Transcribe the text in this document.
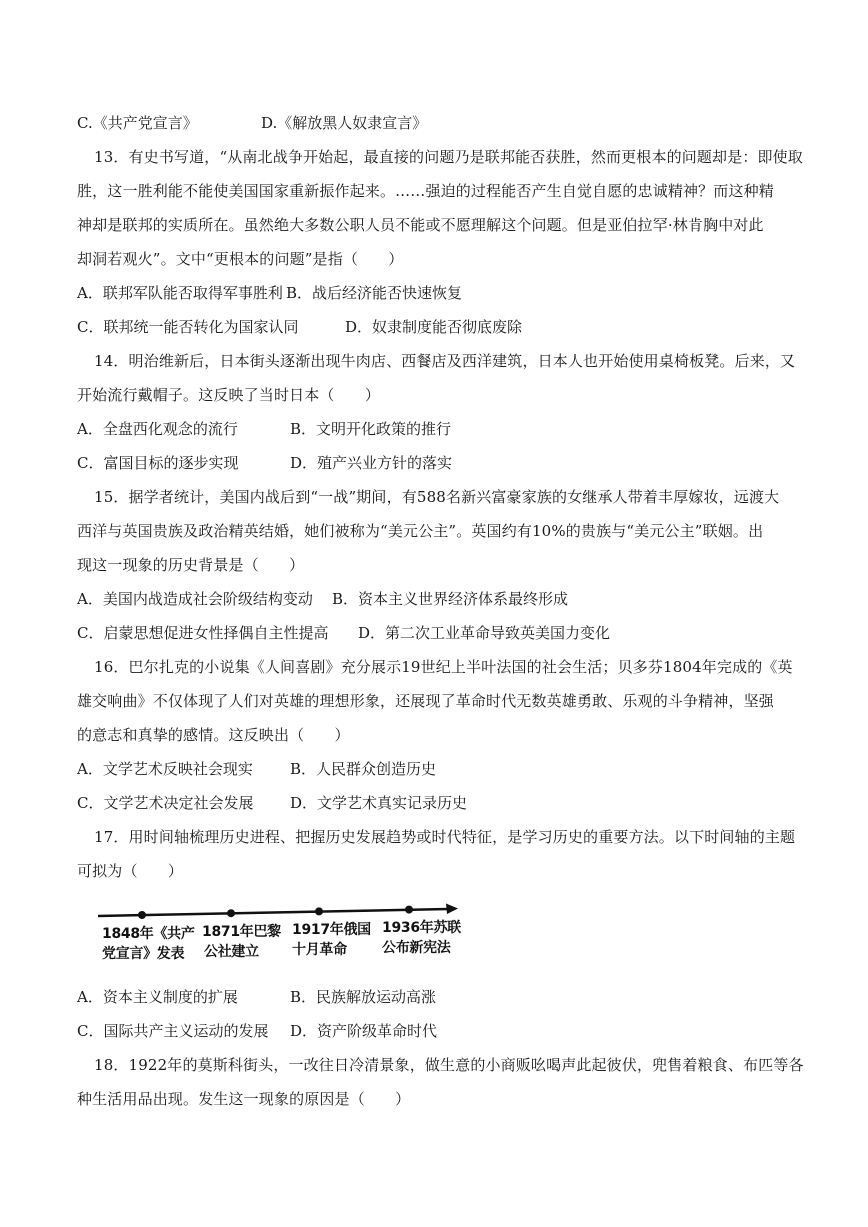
C.《共产党宣言》	D.《解放黑人奴隶宣言》
13．有史书写道，“从南北战争开始起，最直接的问题乃是联邦能否获胜，然而更根本的问题却是：即使取
胜，这一胜利能不能使美国国家重新振作起来。……强迫的过程能否产生自觉自愿的忠诚精神？而这种精
神却是联邦的实质所在。虽然绝大多数公职人员不能或不愿理解这个问题。但是亚伯拉罕·林肯胸中对此
却洞若观火”。文中“更根本的问题”是指（　　）
A．联邦军队能否取得军事胜利 B．战后经济能否快速恢复
C．联邦统一能否转化为国家认同	D．奴隶制度能否彻底废除
14．明治维新后，日本街头逐渐出现牛肉店、西餐店及西洋建筑，日本人也开始使用桌椅板凳。后来，又
开始流行戴帽子。这反映了当时日本（　　）
A．全盘西化观念的流行	B．文明开化政策的推行
C．富国目标的逐步实现	D．殖产兴业方针的落实
15．据学者统计，美国内战后到“一战”期间，有588名新兴富豪家族的女继承人带着丰厚嫁妆，远渡大
西洋与英国贵族及政治精英结婚，她们被称为“美元公主”。英国约有10%的贵族与“美元公主”联姻。出
现这一现象的历史背景是（　　）
A．美国内战造成社会阶级结构变动 B．资本主义世界经济体系最终形成
C．启蒙思想促进女性择偶自主性提高 D．第二次工业革命导致英美国力变化
16．巴尔扎克的小说集《人间喜剧》充分展示19世纪上半叶法国的社会生活；贝多芬1804年完成的《英
雄交响曲》不仅体现了人们对英雄的理想形象，还展现了革命时代无数英雄勇敢、乐观的斗争精神，坚强
的意志和真挚的感情。这反映出（　　）
A．文学艺术反映社会现实 B．人民群众创造历史
C．文学艺术决定社会发展 D．文学艺术真实记录历史
17．用时间轴梳理历史进程、把握历史发展趋势或时代特征，是学习历史的重要方法。以下时间轴的主题
可拟为（　　）
1848年《共产
党宣言》发表
1871年巴黎
公社建立
1917年俄国
十月革命
1936年苏联
公布新宪法
A．资本主义制度的扩展	B．民族解放运动高涨
C．国际共产主义运动的发展 D．资产阶级革命时代
18．1922年的莫斯科街头，一改往日冷清景象，做生意的小商贩吆喝声此起彼伏，兜售着粮食、布匹等各
种生活用品出现。发生这一现象的原因是（　　）
